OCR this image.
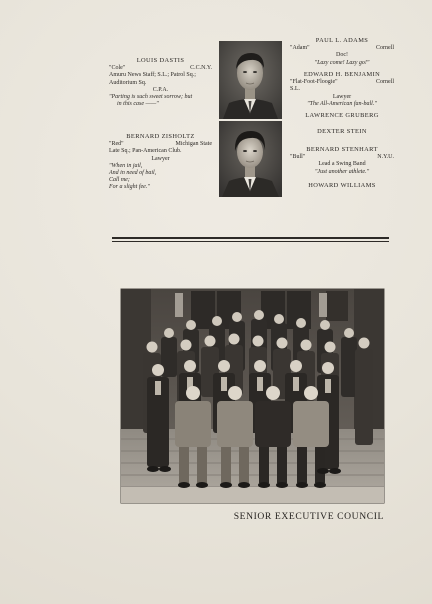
LOUIS DASTIS
"Cole"	C.C.N.Y.
Amuru News Staff; S.L.; Patrol Sq.;
Auditorium Sq.
C.P.A.
"Parting is such sweet sorrow; but
in this case ——"
BERNARD ZISHOLTZ
"Red"	Michigan State
Late Sq.; Pan-American Club.
Lawyer
"When in jail,
And in need of bail,
Call me;
For a slight fee."
PAUL L. ADAMS
"Adam"	Cornell
Doc!
"Lazy come! Lazy go!"
EDWARD H. BENJAMIN
"Flat-Foot-Floogie"	Cornell
S.L.
Lawyer
"The All-American fan-ball."
LAWRENCE GRUBERG
DEXTER STEIN
BERNARD STENHART
"Bull"	N.Y.U.
Lead a Swing Band
"Just another athlete."
HOWARD WILLIAMS
SENIOR EXECUTIVE COUNCIL
